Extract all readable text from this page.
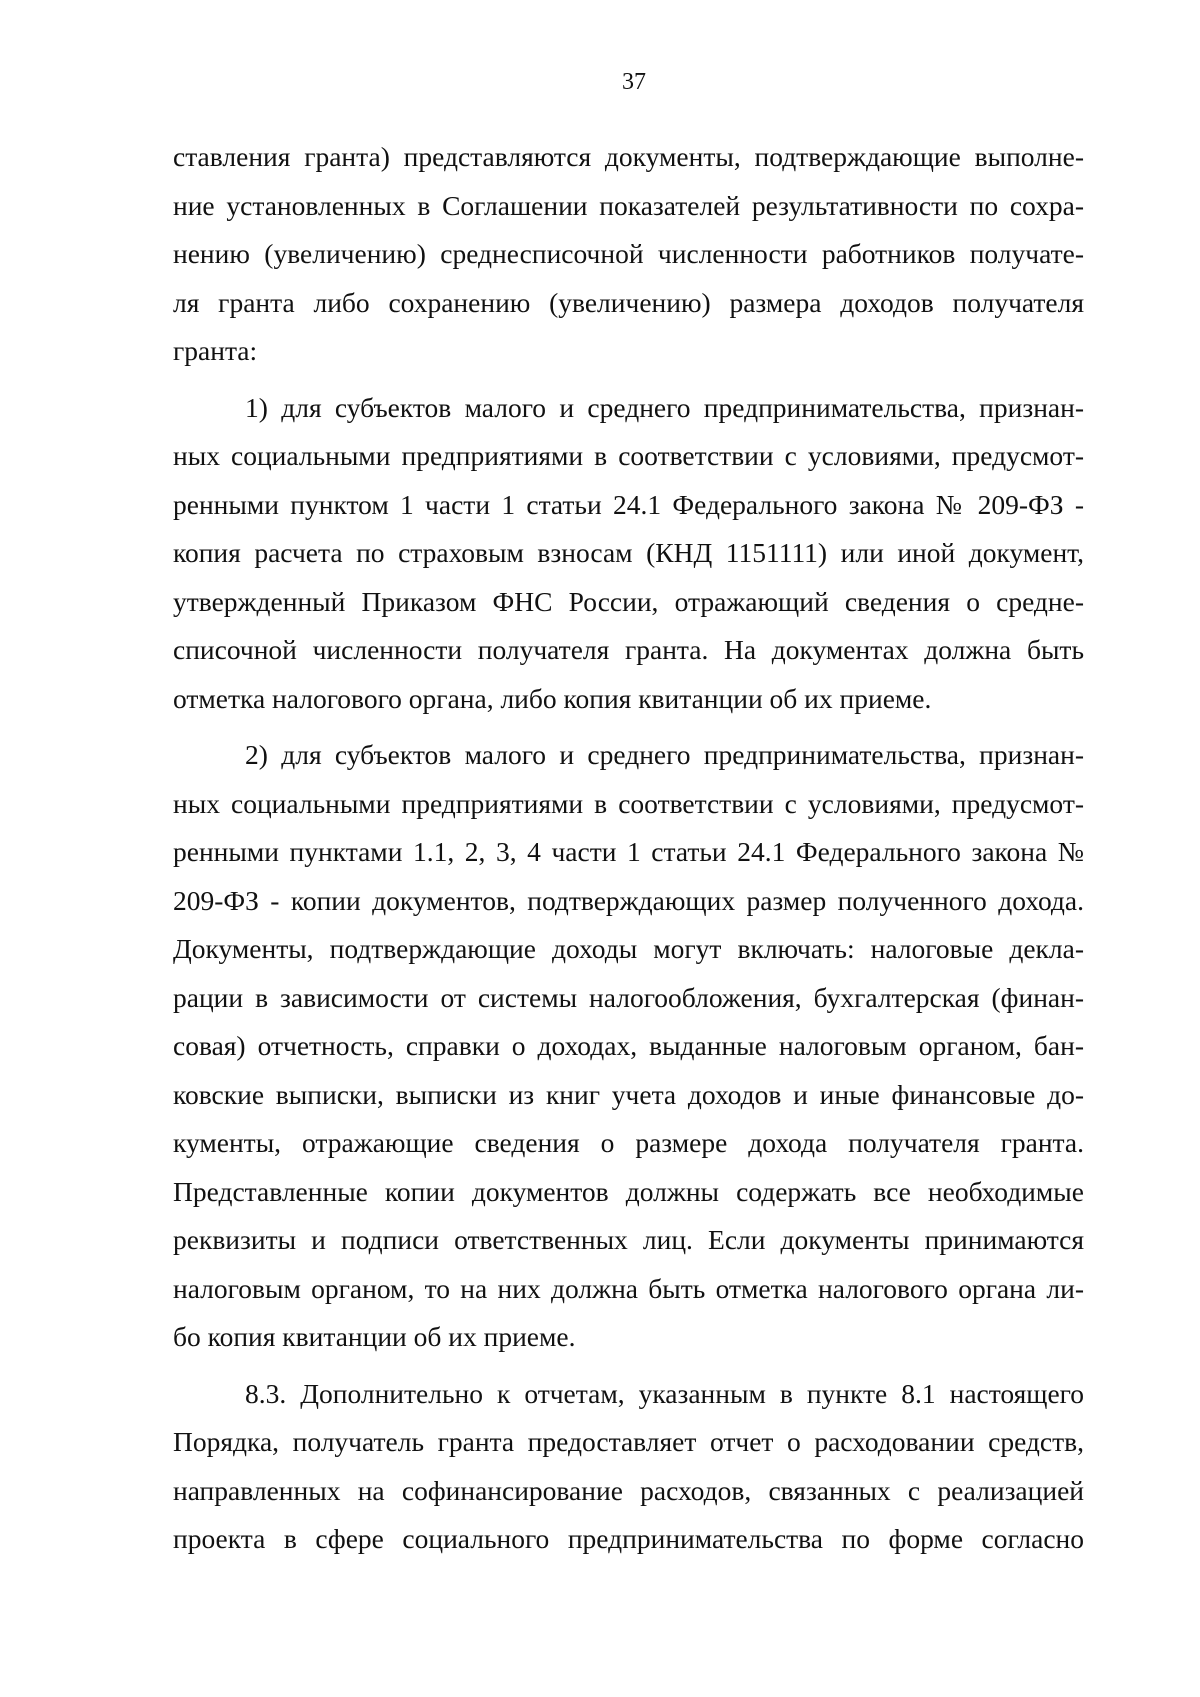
37
ставления гранта) представляются документы, подтверждающие выполне-
ние установленных в Соглашении показателей результативности по сохра-
нению (увеличению) среднесписочной численности работников получате-
ля гранта либо сохранению (увеличению) размера доходов получателя
гранта:
1) для субъектов малого и среднего предпринимательства, признан-
ных социальными предприятиями в соответствии с условиями, предусмот-
ренными пунктом 1 части 1 статьи 24.1 Федерального закона № 209-ФЗ -
копия расчета по страховым взносам (КНД 1151111) или иной документ,
утвержденный Приказом ФНС России, отражающий сведения о средне-
списочной численности получателя гранта. На документах должна быть
отметка налогового органа, либо копия квитанции об их приеме.
2) для субъектов малого и среднего предпринимательства, признан-
ных социальными предприятиями в соответствии с условиями, предусмот-
ренными пунктами 1.1, 2, 3, 4 части 1 статьи 24.1 Федерального закона №
209-ФЗ - копии документов, подтверждающих размер полученного дохода.
Документы, подтверждающие доходы могут включать: налоговые декла-
рации в зависимости от системы налогообложения, бухгалтерская (финан-
совая) отчетность, справки о доходах, выданные налоговым органом, бан-
ковские выписки, выписки из книг учета доходов и иные финансовые до-
кументы, отражающие сведения о размере дохода получателя гранта.
Представленные копии документов должны содержать все необходимые
реквизиты и подписи ответственных лиц. Если документы принимаются
налоговым органом, то на них должна быть отметка налогового органа ли-
бо копия квитанции об их приеме.
8.3. Дополнительно к отчетам, указанным в пункте 8.1 настоящего
Порядка, получатель гранта предоставляет отчет о расходовании средств,
направленных на софинансирование расходов, связанных с реализацией
проекта в сфере социального предпринимательства по форме согласно
